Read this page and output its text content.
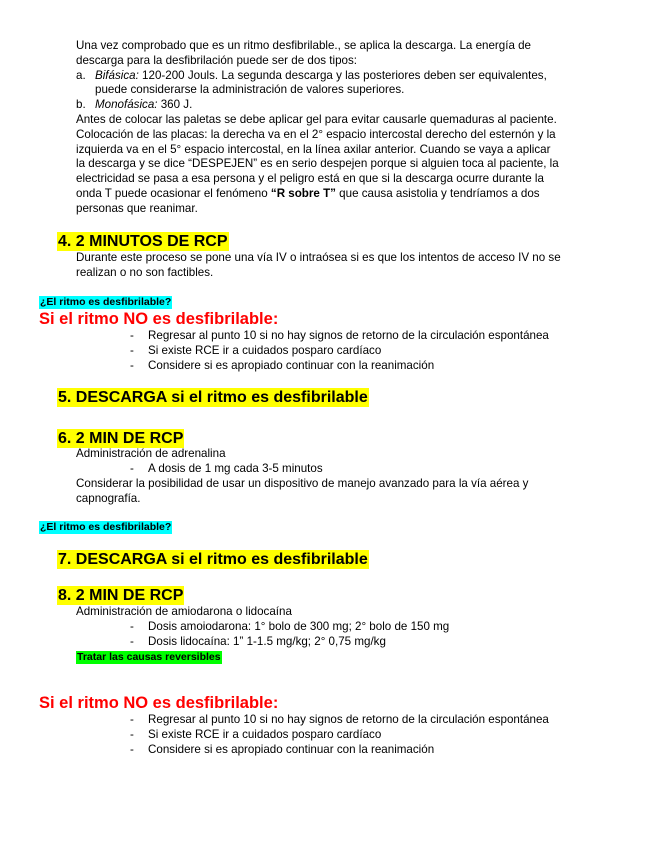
Una vez comprobado que es un ritmo desfibrilable., se aplica la descarga. La energía de
descarga para la desfibrilación puede ser de dos tipos:
a. Bifásica: 120-200 Jouls. La segunda descarga y las posteriores deben ser equivalentes,
puede considerarse la administración de valores superiores.
b. Monofásica: 360 J.
Antes de colocar las paletas se debe aplicar gel para evitar causarle quemaduras al paciente.
Colocación de las placas: la derecha va en el 2° espacio intercostal derecho del esternón y la
izquierda va en el 5° espacio intercostal, en la línea axilar anterior. Cuando se vaya a aplicar
la descarga y se dice “DESPEJEN” es en serio despejen porque si alguien toca al paciente, la
electricidad se pasa a esa persona y el peligro está en que si la descarga ocurre durante la
onda T puede ocasionar el fenómeno “R sobre T” que causa asistolia y tendríamos a dos
personas que reanimar.
4. 2 MINUTOS DE RCP
Durante este proceso se pone una vía IV o intraósea si es que los intentos de acceso IV no se
realizan o no son factibles.
¿El ritmo es desfibrilable?
Si el ritmo NO es desfibrilable:
- Regresar al punto 10 si no hay signos de retorno de la circulación espontánea
- Si existe RCE ir a cuidados posparo cardíaco
- Considere si es apropiado continuar con la reanimación
5. DESCARGA si el ritmo es desfibrilable
6. 2 MIN DE RCP
Administración de adrenalina
- A dosis de 1 mg cada 3-5 minutos
Considerar la posibilidad de usar un dispositivo de manejo avanzado para la vía aérea y
capnografía.
¿El ritmo es desfibrilable?
7. DESCARGA si el ritmo es desfibrilable
8. 2 MIN DE RCP
Administración de amiodarona o lidocaína
- Dosis amoiodarona: 1° bolo de 300 mg; 2° bolo de 150 mg
- Dosis lidocaína: 1” 1-1.5 mg/kg; 2° 0,75 mg/kg
Tratar las causas reversibles
Si el ritmo NO es desfibrilable:
- Regresar al punto 10 si no hay signos de retorno de la circulación espontánea
- Si existe RCE ir a cuidados posparo cardíaco
- Considere si es apropiado continuar con la reanimación
